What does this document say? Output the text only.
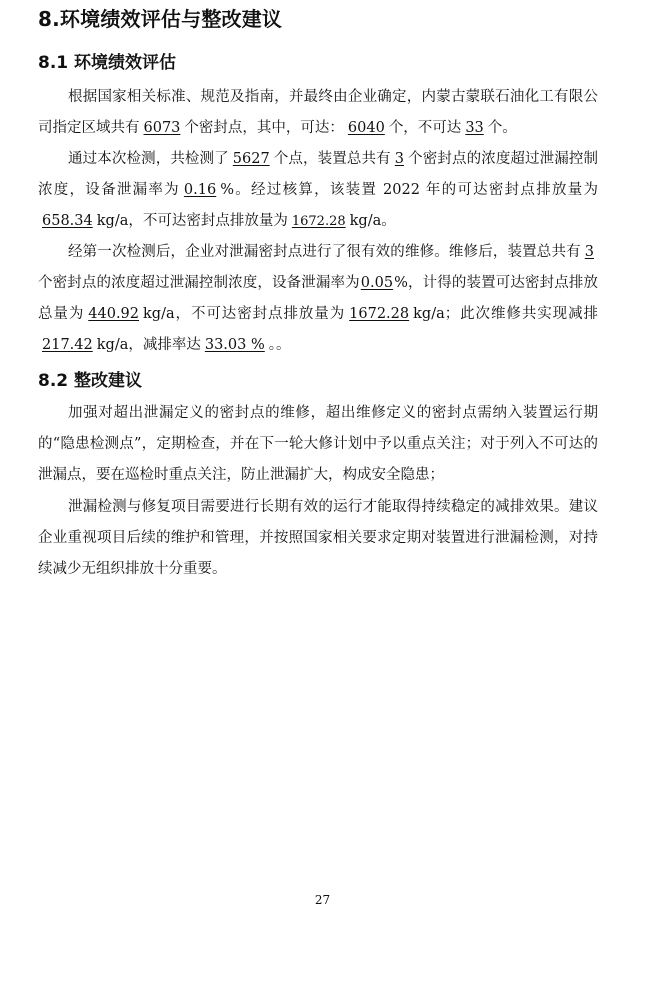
8.环境绩效评估与整改建议
8.1 环境绩效评估

根据国家相关标准、规范及指南，并最终由企业确定，内蒙古蒙联石油化工有限公司指定区域共有 6073 个密封点，其中，可达： 6040 个，不可达 33 个。

通过本次检测，共检测了 5627 个点，装置总共有 3 个密封点的浓度超过泄漏控制浓度，设备泄漏率为 0.16 %。经过核算，该装置 2022 年的可达密封点排放量为658.34 kg/a，不可达密封点排放量为 1672.28 kg/a。

经第一次检测后，企业对泄漏密封点进行了很有效的维修。维修后，装置总共有 3个密封点的浓度超过泄漏控制浓度，设备泄漏率为0.05%，计得的装置可达密封点排放总量为 440.92 kg/a，不可达密封点排放量为 1672.28 kg/a；此次维修共实现减排217.42 kg/a，减排率达 33.03 % 。。

8.2 整改建议

加强对超出泄漏定义的密封点的维修，超出维修定义的密封点需纳入装置运行期的“隐患检测点”，定期检查，并在下一轮大修计划中予以重点关注；对于列入不可达的泄漏点，要在巡检时重点关注，防止泄漏扩大，构成安全隐患；

泄漏检测与修复项目需要进行长期有效的运行才能取得持续稳定的减排效果。建议企业重视项目后续的维护和管理，并按照国家相关要求定期对装置进行泄漏检测，对持续减少无组织排放十分重要。

27
